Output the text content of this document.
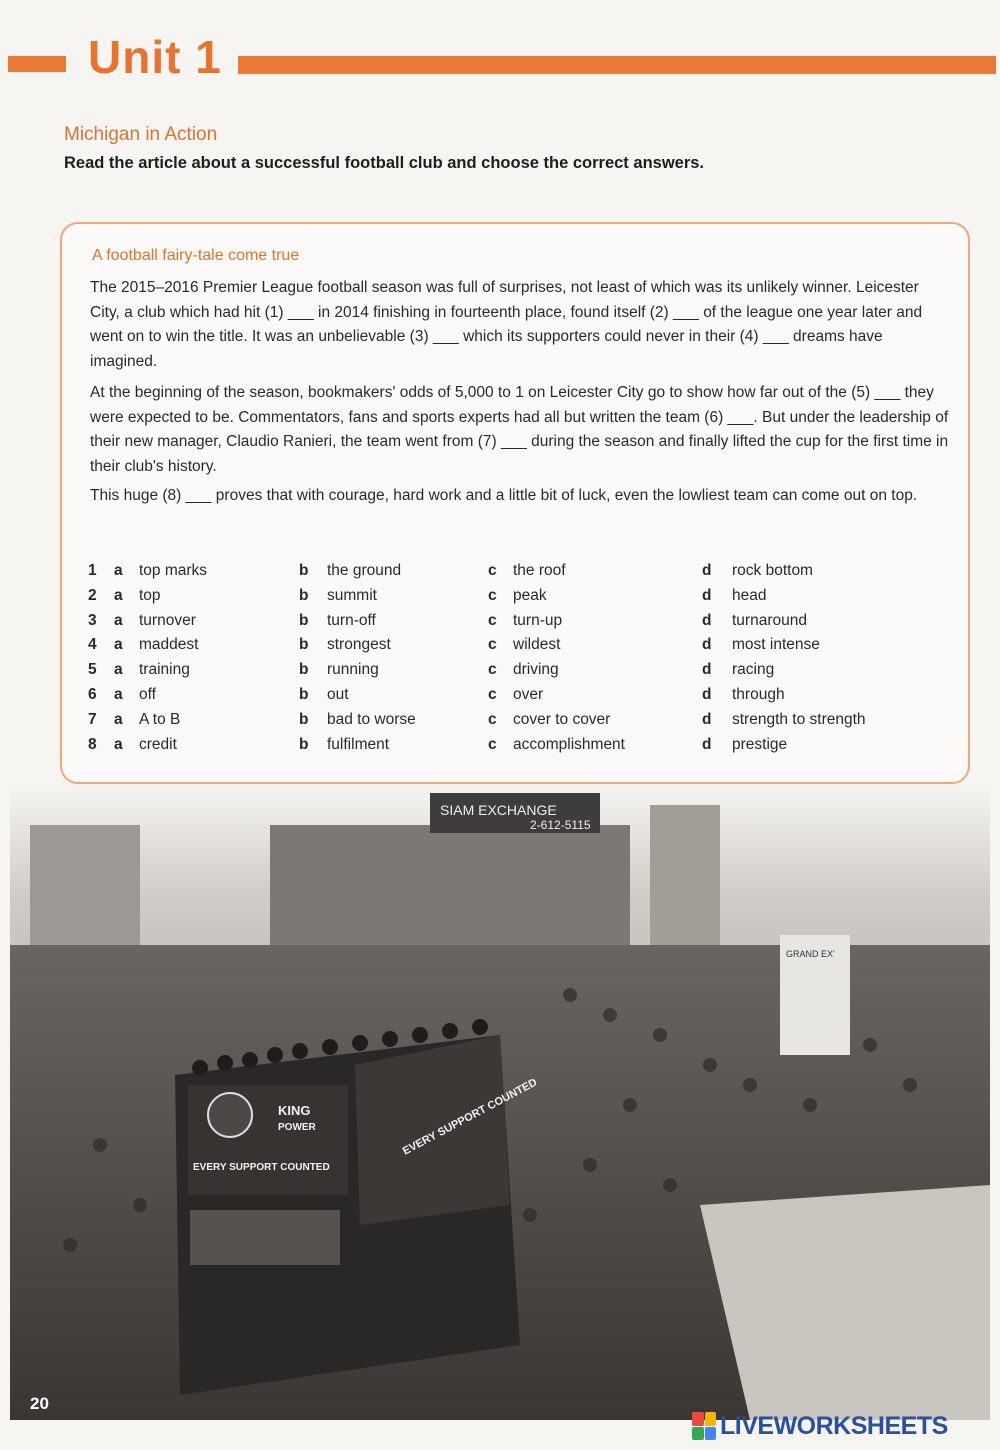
Unit 1
Michigan in Action
Read the article about a successful football club and choose the correct answers.
A football fairy-tale come true
The 2015–2016 Premier League football season was full of surprises, not least of which was its unlikely winner. Leicester City, a club which had hit (1) ___ in 2014 finishing in fourteenth place, found itself (2) ___ of the league one year later and went on to win the title. It was an unbelievable (3) ___ which its supporters could never in their (4) ___ dreams have imagined.
At the beginning of the season, bookmakers' odds of 5,000 to 1 on Leicester City go to show how far out of the (5) ___ they were expected to be. Commentators, fans and sports experts had all but written the team (6) ___. But under the leadership of their new manager, Claudio Ranieri, the team went from (7) ___ during the season and finally lifted the cup for the first time in their club's history.
This huge (8) ___ proves that with courage, hard work and a little bit of luck, even the lowliest team can come out on top.
1 a top marks	b the ground	c the roof	d rock bottom
2 a top	b summit	c peak	d head
3 a turnover	b turn-off	c turn-up	d turnaround
4 a maddest	b strongest	c wildest	d most intense
5 a training	b running	c driving	d racing
6 a off	b out	c over	d through
7 a A to B	b bad to worse	c cover to cover	d strength to strength
8 a credit	b fulfilment	c accomplishment	d prestige
SIAM EXCHANGE
2-612-5115
GRAND EX'
KING
POWER
EVERY SUPPORT COUNTED
EVERY SUPPORT COUNTED
20
LIVEWORKSHEETS
